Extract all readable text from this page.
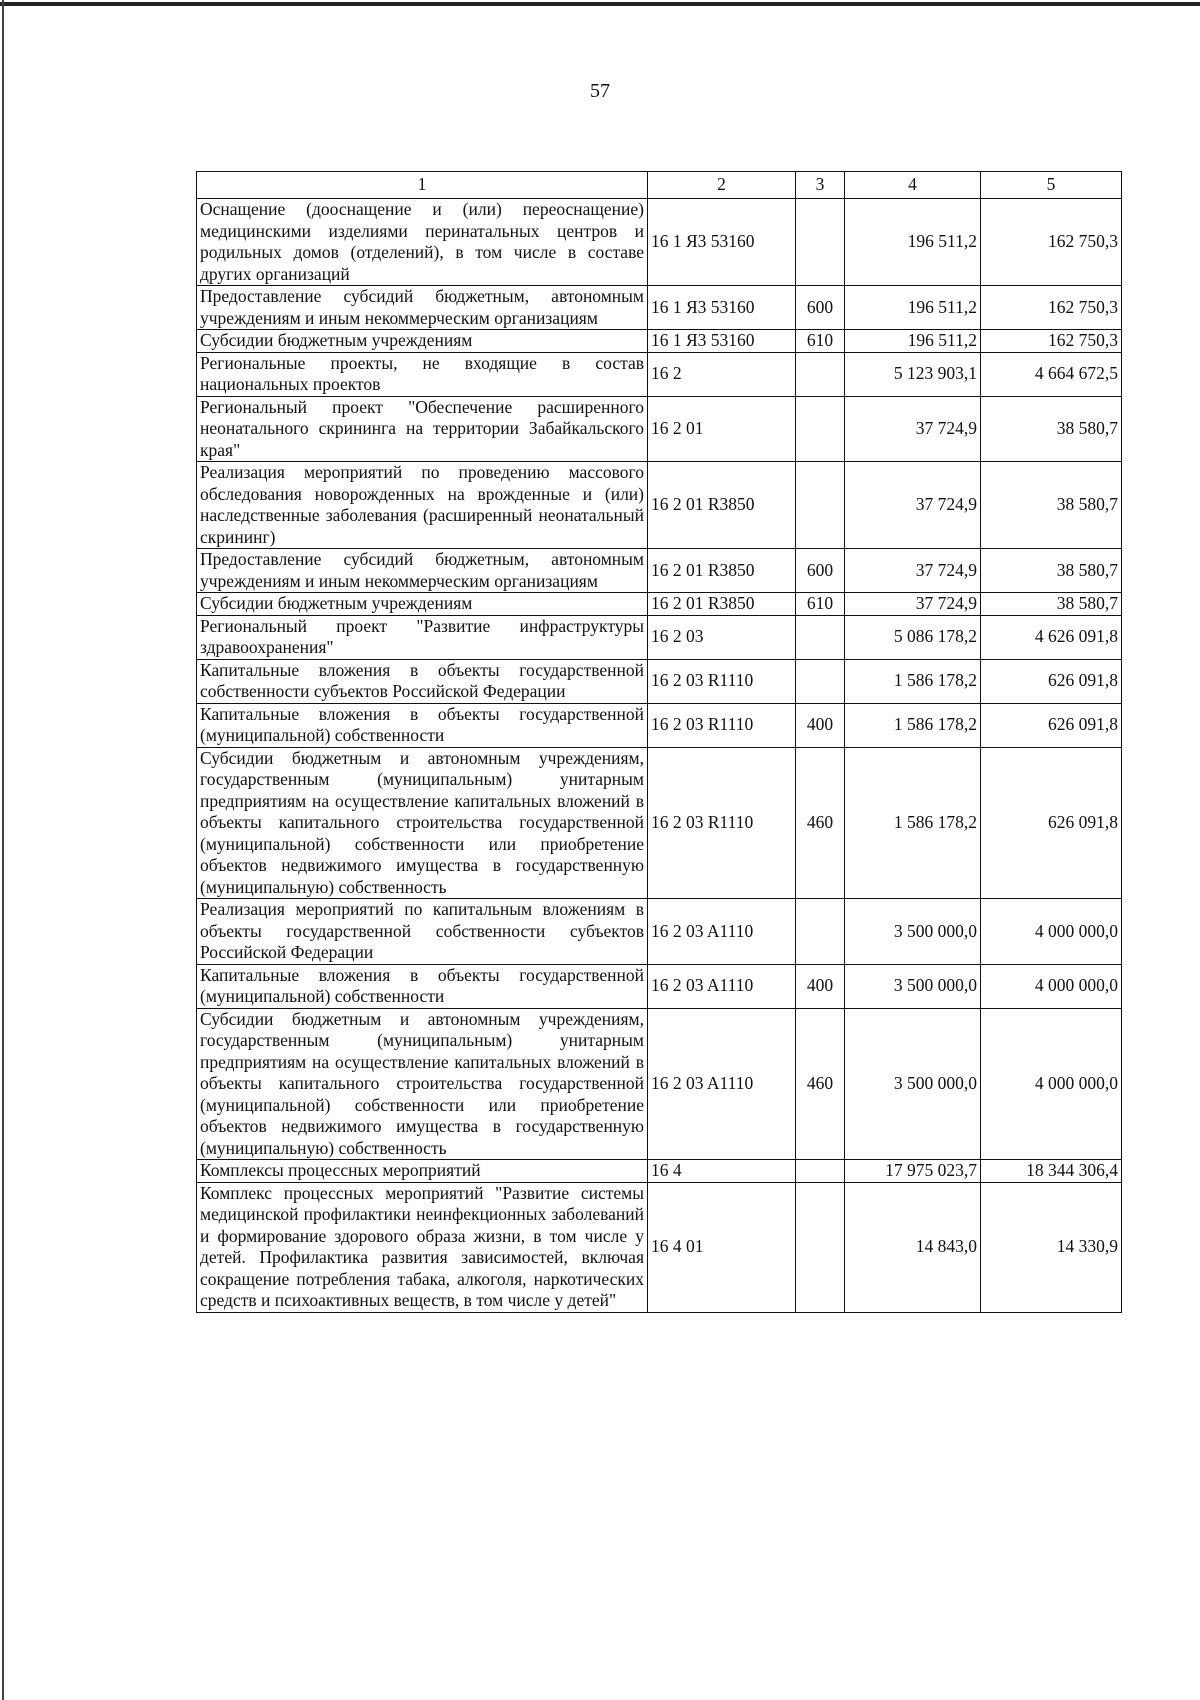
57
1	2	3	4	5
Оснащение (дооснащение и (или) переоснащение) медицинскими изделиями перинатальных центров и родильных домов (отделений), в том числе в составе других организаций	16 1 Я3 53160		196 511,2	162 750,3
Предоставление субсидий бюджетным, автономным учреждениям и иным некоммерческим организациям	16 1 Я3 53160	600	196 511,2	162 750,3
Субсидии бюджетным учреждениям	16 1 Я3 53160	610	196 511,2	162 750,3
Региональные проекты, не входящие в состав национальных проектов	16 2		5 123 903,1	4 664 672,5
Региональный проект "Обеспечение расширенного неонатального скрининга на территории Забайкальского края"	16 2 01		37 724,9	38 580,7
Реализация мероприятий по проведению массового обследования новорожденных на врожденные и (или) наследственные заболевания (расширенный неонатальный скрининг)	16 2 01 R3850		37 724,9	38 580,7
Предоставление субсидий бюджетным, автономным учреждениям и иным некоммерческим организациям	16 2 01 R3850	600	37 724,9	38 580,7
Субсидии бюджетным учреждениям	16 2 01 R3850	610	37 724,9	38 580,7
Региональный проект "Развитие инфраструктуры здравоохранения"	16 2 03		5 086 178,2	4 626 091,8
Капитальные вложения в объекты государственной собственности субъектов Российской Федерации	16 2 03 R1110		1 586 178,2	626 091,8
Капитальные вложения в объекты государственной (муниципальной) собственности	16 2 03 R1110	400	1 586 178,2	626 091,8
Субсидии бюджетным и автономным учреждениям, государственным (муниципальным) унитарным предприятиям на осуществление капитальных вложений в объекты капитального строительства государственной (муниципальной) собственности или приобретение объектов недвижимого имущества в государственную (муниципальную) собственность	16 2 03 R1110	460	1 586 178,2	626 091,8
Реализация мероприятий по капитальным вложениям в объекты государственной собственности субъектов Российской Федерации	16 2 03 A1110		3 500 000,0	4 000 000,0
Капитальные вложения в объекты государственной (муниципальной) собственности	16 2 03 A1110	400	3 500 000,0	4 000 000,0
Субсидии бюджетным и автономным учреждениям, государственным (муниципальным) унитарным предприятиям на осуществление капитальных вложений в объекты капитального строительства государственной (муниципальной) собственности или приобретение объектов недвижимого имущества в государственную (муниципальную) собственность	16 2 03 A1110	460	3 500 000,0	4 000 000,0
Комплексы процессных мероприятий	16 4		17 975 023,7	18 344 306,4
Комплекс процессных мероприятий "Развитие системы медицинской профилактики неинфекционных заболеваний и формирование здорового образа жизни, в том числе у детей. Профилактика развития зависимостей, включая сокращение потребления табака, алкоголя, наркотических средств и психоактивных веществ, в том числе у детей"	16 4 01		14 843,0	14 330,9
